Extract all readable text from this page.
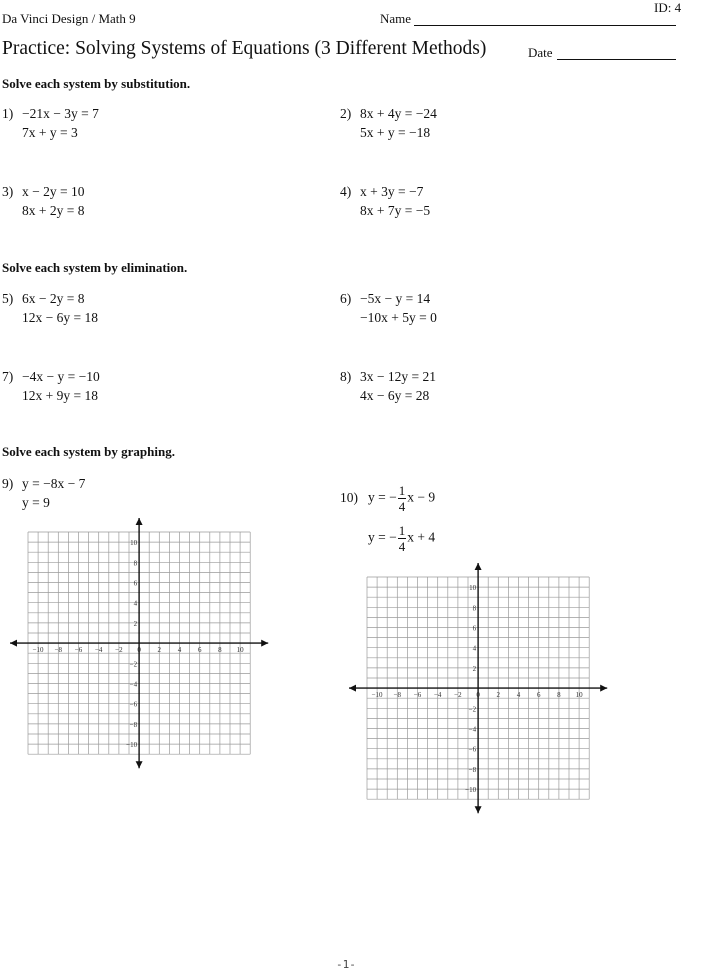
ID: 4
Da Vinci Design / Math 9	Name
Practice: Solving Systems of Equations (3 Different Methods)	Date
Solve each system by substitution.
1) −21x − 3y = 7
7x + y = 3
2) 8x + 4y = −24
5x + y = −18
3) x − 2y = 10
8x + 2y = 8
4) x + 3y = −7
8x + 7y = −5
Solve each system by elimination.
5) 6x − 2y = 8
12x − 6y = 18
6) −5x − y = 14
−10x + 5y = 0
7) −4x − y = −10
12x + 9y = 18
8) 3x − 12y = 21
4x − 6y = 28
Solve each system by graphing.
9) y = −8x − 7
y = 9	10) y = − $\frac{1}{4}$ x − 9
y = − $\frac{1}{4}$ x + 4
−10 −8 −6 −4 −2 0 2 4 6 8 10
10
8
6
4
2
−2
−4
−6
−8
−10
−10 −8 −6 −4 −2 0 2 4 6 8 10
10
8
6
4
2
−2
−4
−6
−8
−10
-1-
